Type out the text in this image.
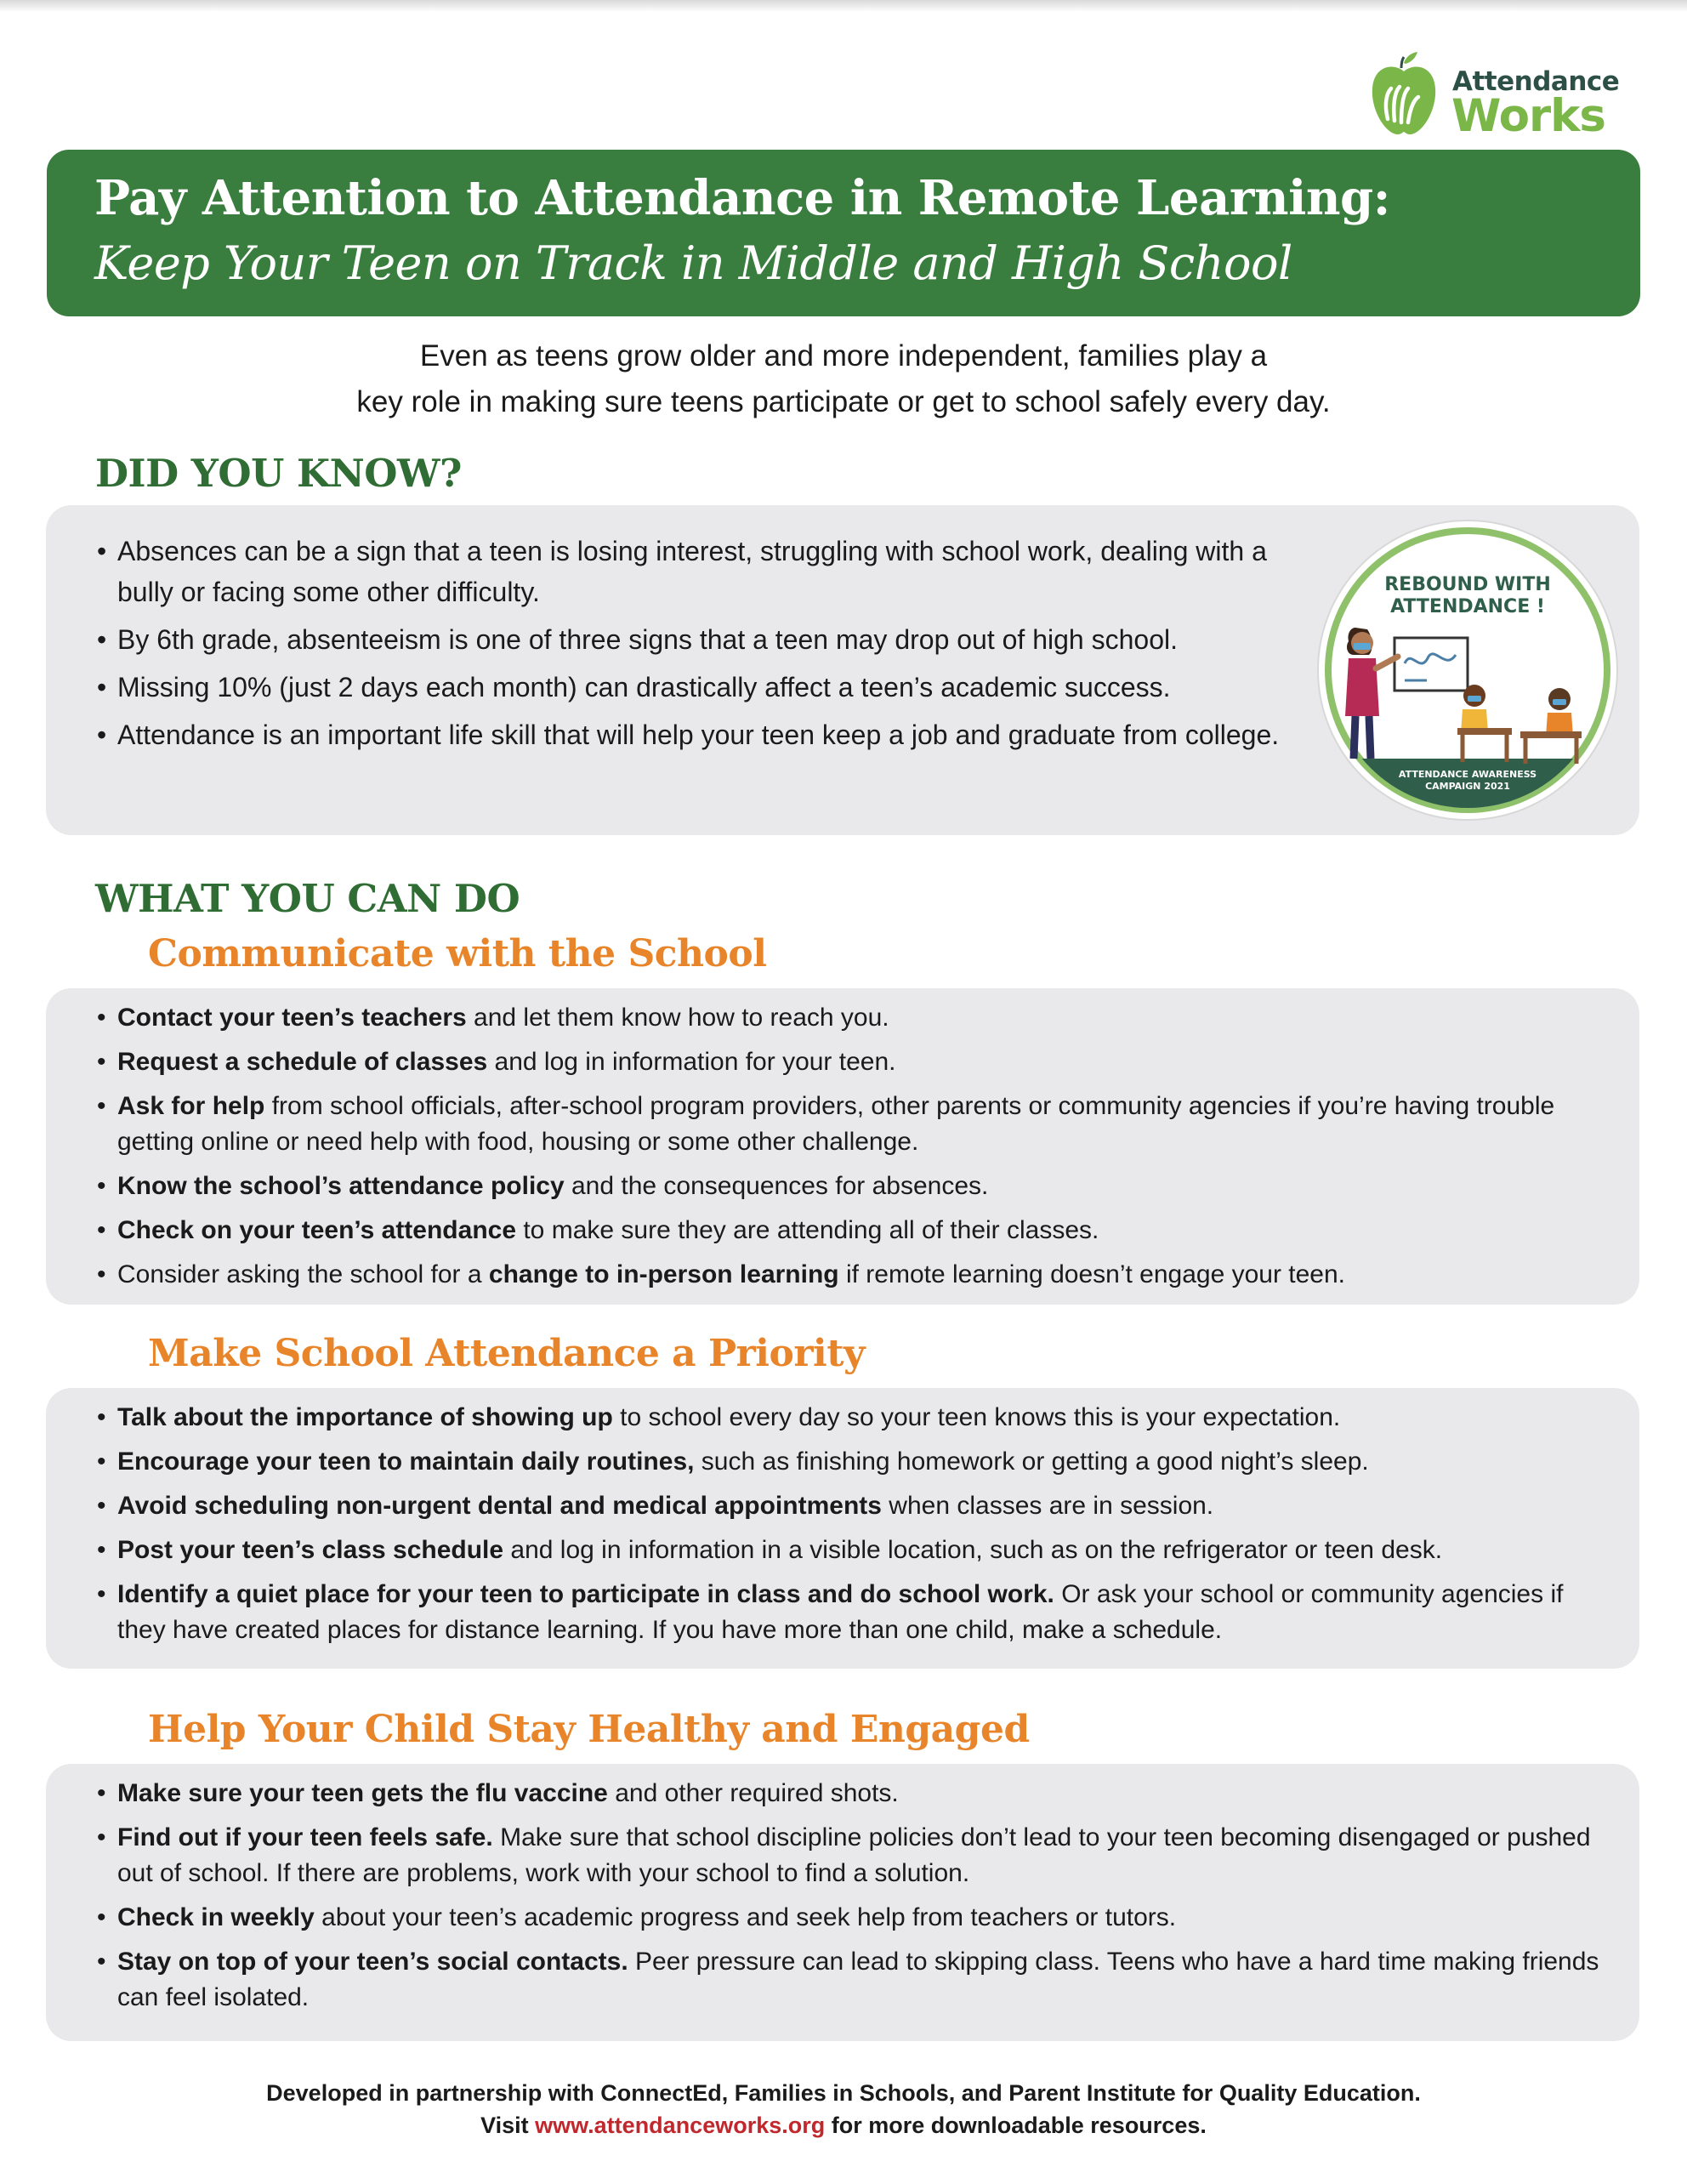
Attendance
Works
Pay Attention to Attendance in Remote Learning:
Keep Your Teen on Track in Middle and High School
Even as teens grow older and more independent, families play a
key role in making sure teens participate or get to school safely every day.
DID YOU KNOW?
• Absences can be a sign that a teen is losing interest, struggling with school work, dealing with a bully or facing some other difficulty.
• By 6th grade, absenteeism is one of three signs that a teen may drop out of high school.
• Missing 10% (just 2 days each month) can drastically affect a teen’s academic success.
• Attendance is an important life skill that will help your teen keep a job and graduate from college.
REBOUND WITH
ATTENDANCE !
ATTENDANCE AWARENESS
CAMPAIGN 2021
WHAT YOU CAN DO
Communicate with the School
• Contact your teen’s teachers and let them know how to reach you.
• Request a schedule of classes and log in information for your teen.
• Ask for help from school officials, after-school program providers, other parents or community agencies if you’re having trouble getting online or need help with food, housing or some other challenge.
• Know the school’s attendance policy and the consequences for absences.
• Check on your teen’s attendance to make sure they are attending all of their classes.
• Consider asking the school for a change to in-person learning if remote learning doesn’t engage your teen.
Make School Attendance a Priority
• Talk about the importance of showing up to school every day so your teen knows this is your expectation.
• Encourage your teen to maintain daily routines, such as finishing homework or getting a good night’s sleep.
• Avoid scheduling non-urgent dental and medical appointments when classes are in session.
• Post your teen’s class schedule and log in information in a visible location, such as on the refrigerator or teen desk.
• Identify a quiet place for your teen to participate in class and do school work. Or ask your school or community agencies if they have created places for distance learning. If you have more than one child, make a schedule.
Help Your Child Stay Healthy and Engaged
• Make sure your teen gets the flu vaccine and other required shots.
• Find out if your teen feels safe. Make sure that school discipline policies don’t lead to your teen becoming disengaged or pushed out of school. If there are problems, work with your school to find a solution.
• Check in weekly about your teen’s academic progress and seek help from teachers or tutors.
• Stay on top of your teen’s social contacts. Peer pressure can lead to skipping class. Teens who have a hard time making friends can feel isolated.
Developed in partnership with ConnectEd, Families in Schools, and Parent Institute for Quality Education.
Visit www.attendanceworks.org for more downloadable resources.
